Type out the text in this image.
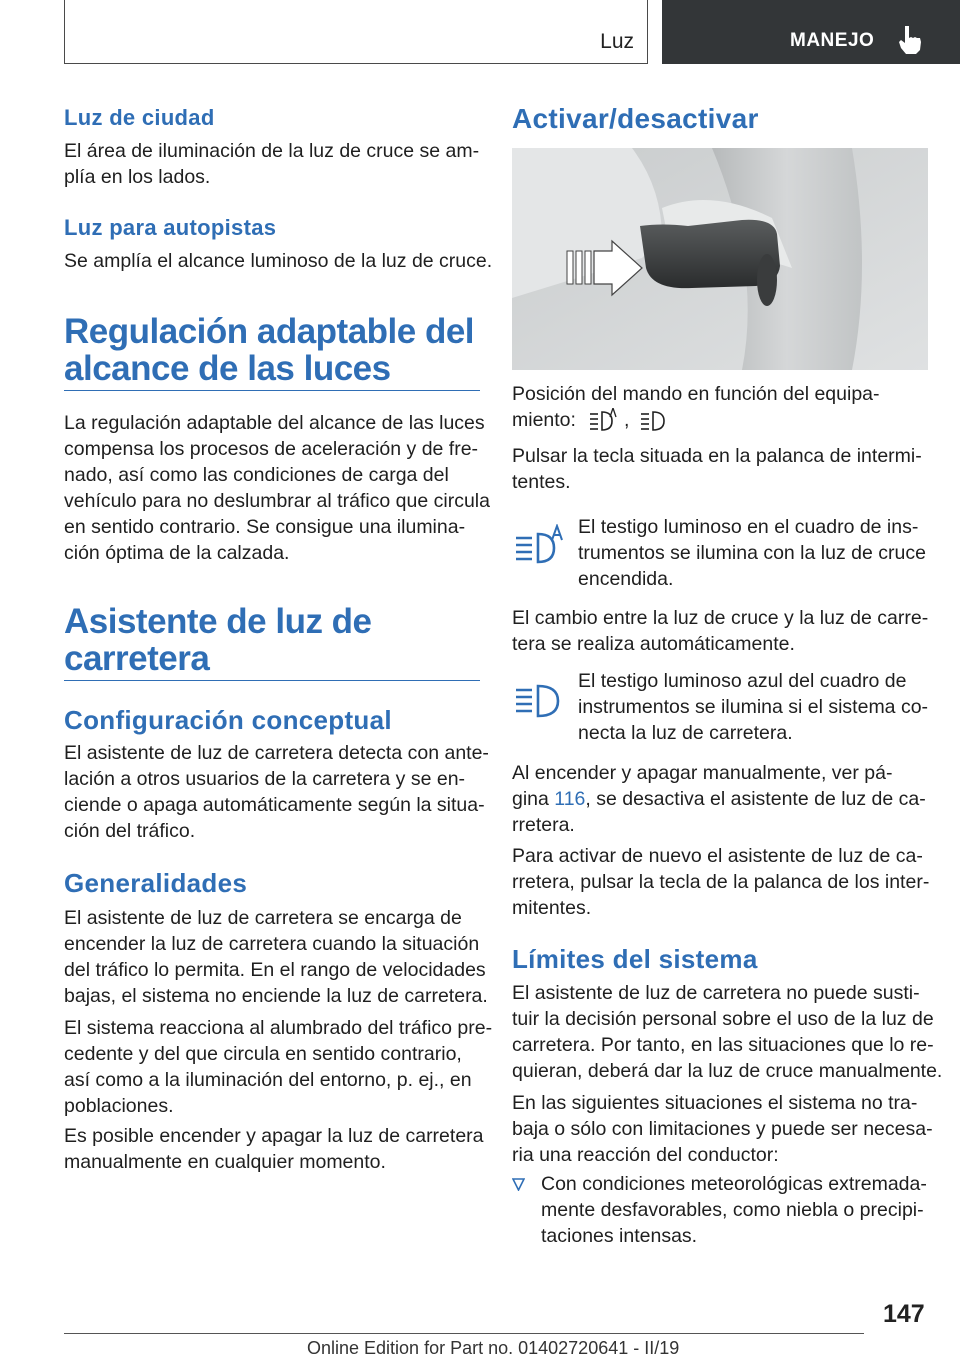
Luz	MANEJO
Luz de ciudad
El área de iluminación de la luz de cruce se am‐
plía en los lados.
Luz para autopistas
Se amplía el alcance luminoso de la luz de cruce.
Regulación adaptable del
alcance de las luces
La regulación adaptable del alcance de las luces
compensa los procesos de aceleración y de fre‐
nado, así como las condiciones de carga del
vehículo para no deslumbrar al tráfico que circula
en sentido contrario. Se consigue una ilumina‐
ción óptima de la calzada.
Asistente de luz de
carretera
Configuración conceptual
El asistente de luz de carretera detecta con ante‐
lación a otros usuarios de la carretera y se en‐
ciende o apaga automáticamente según la situa‐
ción del tráfico.
Generalidades
El asistente de luz de carretera se encarga de
encender la luz de carretera cuando la situación
del tráfico lo permita. En el rango de velocidades
bajas, el sistema no enciende la luz de carretera.
El sistema reacciona al alumbrado del tráfico pre‐
cedente y del que circula en sentido contrario,
así como a la iluminación del entorno, p. ej., en
poblaciones.
Es posible encender y apagar la luz de carretera
manualmente en cualquier momento.
Activar/desactivar
Posición del mando en función del equipa‐
miento: ,
Pulsar la tecla situada en la palanca de intermi‐
tentes.
El testigo luminoso en el cuadro de ins‐
trumentos se ilumina con la luz de cruce
encendida.
El cambio entre la luz de cruce y la luz de carre‐
tera se realiza automáticamente.
El testigo luminoso azul del cuadro de
instrumentos se ilumina si el sistema co‐
necta la luz de carretera.
Al encender y apagar manualmente, ver pá‐
gina 116, se desactiva el asistente de luz de ca‐
rretera.
Para activar de nuevo el asistente de luz de ca‐
rretera, pulsar la tecla de la palanca de los inter‐
mitentes.
Límites del sistema
El asistente de luz de carretera no puede susti‐
tuir la decisión personal sobre el uso de la luz de
carretera. Por tanto, en las situaciones que lo re‐
quieran, deberá dar la luz de cruce manualmente.
En las siguientes situaciones el sistema no tra‐
baja o sólo con limitaciones y puede ser necesa‐
ria una reacción del conductor:
Con condiciones meteorológicas extremada‐
mente desfavorables, como niebla o precipi‐
taciones intensas.
147
Online Edition for Part no. 01402720641 - II/19
